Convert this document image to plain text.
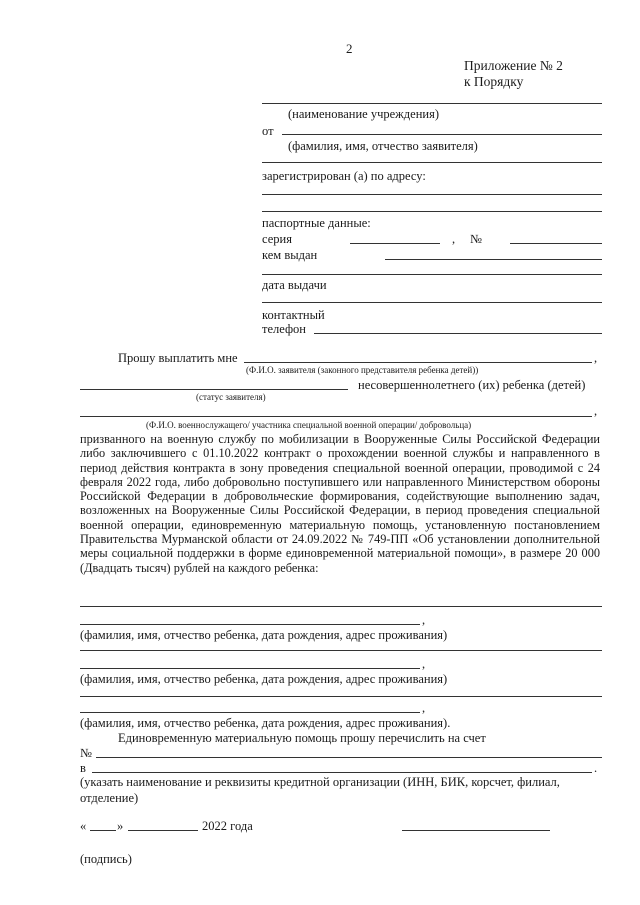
2
Приложение № 2
к Порядку
(наименование учреждения)
от
(фамилия, имя, отчество заявителя)
зарегистрирован (а) по адресу:
паспортные данные:
серия	, №
кем выдан
дата выдачи
контактный
телефон
Прошу выплатить мне	,
(Ф.И.О. заявителя (законного представителя ребенка детей))
несовершеннолетнего (их) ребенка (детей)
(статус заявителя)
,
(Ф.И.О. военнослужащего/ участника специальной военной операции/ добровольца)

призванного на военную службу по мобилизации в Вооруженные Силы Российской Федерации либо заключившего с 01.10.2022 контракт о прохождении военной службы и направленного в период действия контракта в зону проведения специальной военной операции, проводимой с 24 февраля 2022 года, либо добровольно поступившего или направленного Министерством обороны Российской Федерации в добровольческие формирования, содействующие выполнению задач, возложенных на Вооруженные Силы Российской Федерации, в период проведения специальной военной операции, единовременную материальную помощь, установленную постановлением Правительства Мурманской области от 24.09.2022 № 749-ПП «Об установлении дополнительной меры социальной поддержки в форме единовременной материальной помощи», в размере 20 000 (Двадцать тысяч) рублей на каждого ребенка:

,
(фамилия, имя, отчество ребенка, дата рождения, адрес проживания)
,
(фамилия, имя, отчество ребенка, дата рождения, адрес проживания)
,
(фамилия, имя, отчество ребенка, дата рождения, адрес проживания).
Единовременную материальную помощь прошу перечислить на счет
№
в	.
(указать наименование и реквизиты кредитной организации (ИНН, БИК, корсчет, филиал,
отделение)
« »	2022 года
(подпись)
